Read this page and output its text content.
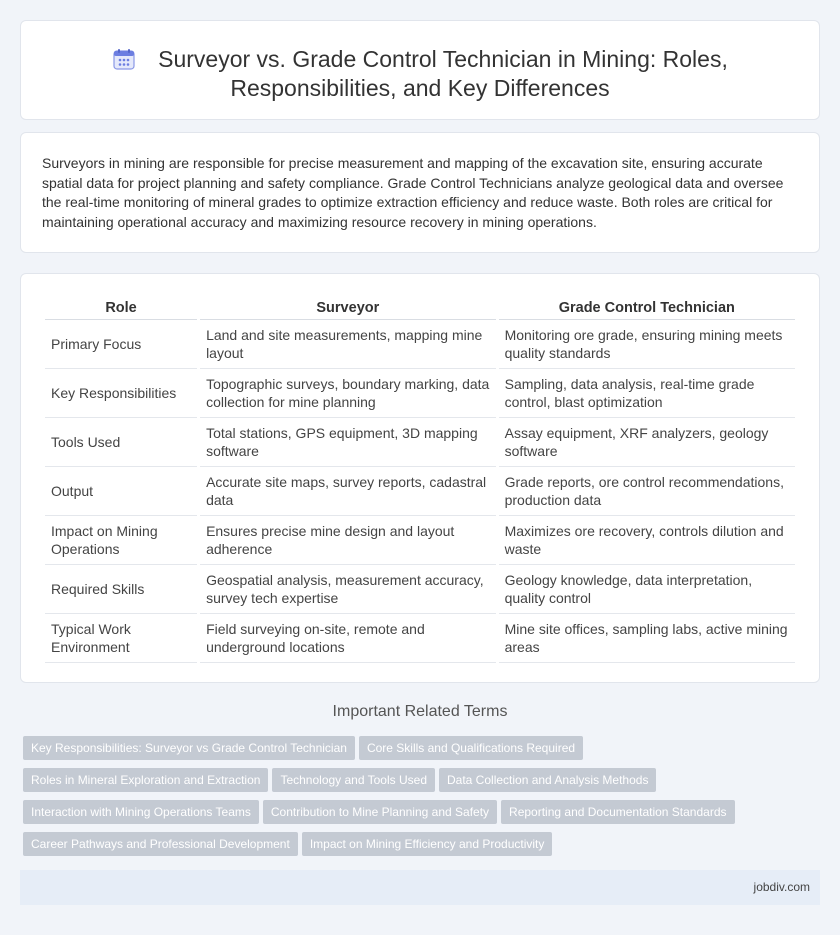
Surveyor vs. Grade Control Technician in Mining: Roles, Responsibilities, and Key Differences

Surveyors in mining are responsible for precise measurement and mapping of the excavation site, ensuring accurate spatial data for project planning and safety compliance. Grade Control Technicians analyze geological data and oversee the real-time monitoring of mineral grades to optimize extraction efficiency and reduce waste. Both roles are critical for maintaining operational accuracy and maximizing resource recovery in mining operations.

Role	Surveyor	Grade Control Technician
Primary Focus	Land and site measurements, mapping mine layout	Monitoring ore grade, ensuring mining meets quality standards
Key Responsibilities	Topographic surveys, boundary marking, data collection for mine planning	Sampling, data analysis, real-time grade control, blast optimization
Tools Used	Total stations, GPS equipment, 3D mapping software	Assay equipment, XRF analyzers, geology software
Output	Accurate site maps, survey reports, cadastral data	Grade reports, ore control recommendations, production data
Impact on Mining Operations	Ensures precise mine design and layout adherence	Maximizes ore recovery, controls dilution and waste
Required Skills	Geospatial analysis, measurement accuracy, survey tech expertise	Geology knowledge, data interpretation, quality control
Typical Work Environment	Field surveying on-site, remote and underground locations	Mine site offices, sampling labs, active mining areas
Important Related Terms
Key Responsibilities: Surveyor vs Grade Control Technician Core Skills and Qualifications Required
Roles in Mineral Exploration and Extraction Technology and Tools Used Data Collection and Analysis Methods
Interaction with Mining Operations Teams Contribution to Mine Planning and Safety Reporting and Documentation Standards
Career Pathways and Professional Development Impact on Mining Efficiency and Productivity
jobdiv.com
